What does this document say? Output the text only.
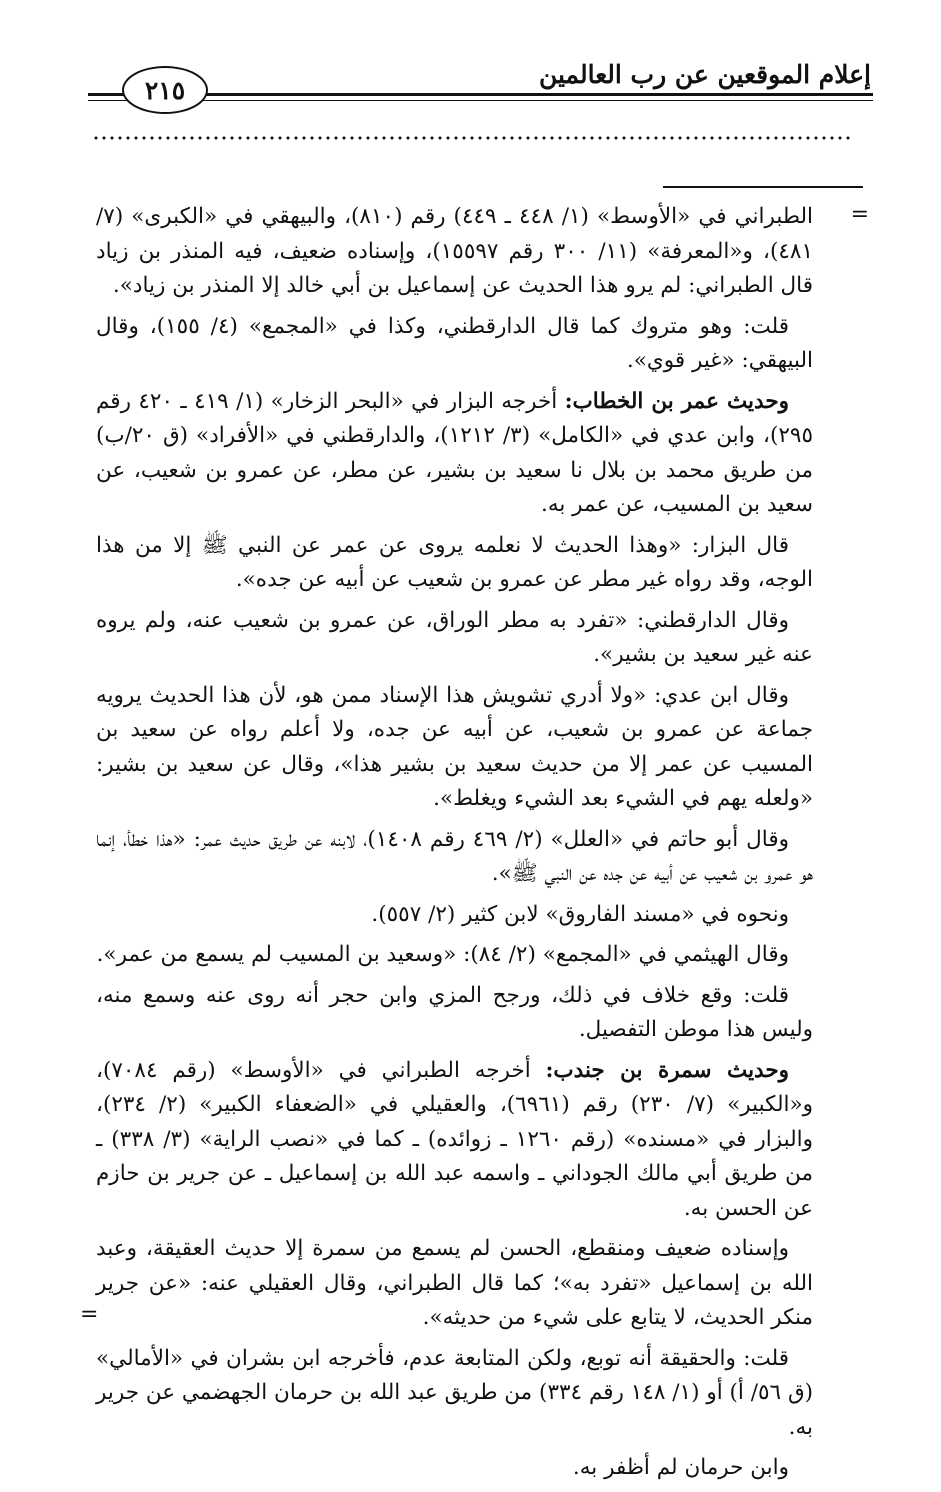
إعلام الموقعين عن رب العالمين
٢١٥
=
=

الطبراني في «الأوسط» (١/ ٤٤٨ ـ ٤٤٩) رقم (٨١٠)، والبيهقي في «الكبرى» (٧/ ٤٨١)، و«المعرفة» (١١/ ٣٠٠ رقم ١٥٥٩٧)، وإسناده ضعيف، فيه المنذر بن زياد قال الطبراني: لم يرو هذا الحديث عن إسماعيل بن أبي خالد إلا المنذر بن زياد».

قلت: وهو متروك كما قال الدارقطني، وكذا في «المجمع» (٤/ ١٥٥)، وقال البيهقي: «غير قوي».

وحديث عمر بن الخطاب: أخرجه البزار في «البحر الزخار» (١/ ٤١٩ ـ ٤٢٠ رقم ٢٩٥)، وابن عدي في «الكامل» (٣/ ١٢١٢)، والدارقطني في «الأفراد» (ق ٢٠/ب) من طريق محمد بن بلال نا سعيد بن بشير، عن مطر، عن عمرو بن شعيب، عن سعيد بن المسيب، عن عمر به.

قال البزار: «وهذا الحديث لا نعلمه يروى عن عمر عن النبي ﷺ إلا من هذا الوجه، وقد رواه غير مطر عن عمرو بن شعيب عن أبيه عن جده».

وقال الدارقطني: «تفرد به مطر الوراق، عن عمرو بن شعيب عنه، ولم يروه عنه غير سعيد بن بشير».

وقال ابن عدي: «ولا أدري تشويش هذا الإسناد ممن هو، لأن هذا الحديث يرويه جماعة عن عمرو بن شعيب، عن أبيه عن جده، ولا أعلم رواه عن سعيد بن المسيب عن عمر إلا من حديث سعيد بن بشير هذا»، وقال عن سعيد بن بشير: «ولعله يهم في الشيء بعد الشيء ويغلط».

وقال أبو حاتم في «العلل» (٢/ ٤٦٩ رقم ١٤٠٨)، لابنه عن طريق حديث عمر: «هذا خطأ، إنما هو عمرو بن شعيب عن أبيه عن جده عن النبي ﷺ».

ونحوه في «مسند الفاروق» لابن كثير (٢/ ٥٥٧).

وقال الهيثمي في «المجمع» (٢/ ٨٤): «وسعيد بن المسيب لم يسمع من عمر».

قلت: وقع خلاف في ذلك، ورجح المزي وابن حجر أنه روى عنه وسمع منه، وليس هذا موطن التفصيل.

وحديث سمرة بن جندب: أخرجه الطبراني في «الأوسط» (رقم ٧٠٨٤)، و«الكبير» (٧/ ٢٣٠) رقم (٦٩٦١)، والعقيلي في «الضعفاء الكبير» (٢/ ٢٣٤)، والبزار في «مسنده» (رقم ١٢٦٠ ـ زوائده) ـ كما في «نصب الراية» (٣/ ٣٣٨) ـ من طريق أبي مالك الجوداني ـ واسمه عبد الله بن إسماعيل ـ عن جرير بن حازم عن الحسن به.

وإسناده ضعيف ومنقطع، الحسن لم يسمع من سمرة إلا حديث العقيقة، وعبد الله بن إسماعيل «تفرد به»؛ كما قال الطبراني، وقال العقيلي عنه: «عن جرير منكر الحديث، لا يتابع على شيء من حديثه».

قلت: والحقيقة أنه توبع، ولكن المتابعة عدم، فأخرجه ابن بشران في «الأمالي» (ق ٥٦/ أ) أو (١/ ١٤٨ رقم ٣٣٤) من طريق عبد الله بن حرمان الجهضمي عن جرير به.

وابن حرمان لم أظفر به.
